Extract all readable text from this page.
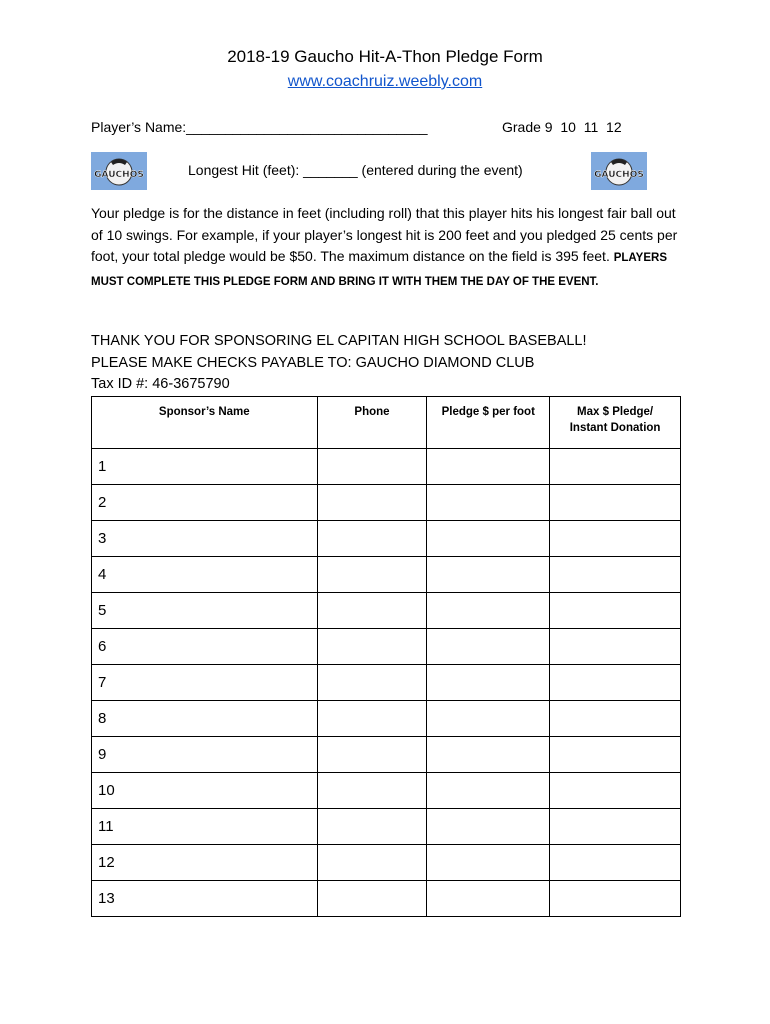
2018-19 Gaucho Hit-A-Thon Pledge Form
www.coachruiz.weebly.com
Player’s Name:_______________________________	Grade 9  10  11  12
GAUCHOS	Longest Hit (feet): _______ (entered during the event)	GAUCHOS
Your pledge is for the distance in feet (including roll) that this player hits his longest fair ball out of 10 swings. For example, if your player’s longest hit is 200 feet and you pledged 25 cents per foot, your total pledge would be $50. The maximum distance on the field is 395 feet. PLAYERS MUST COMPLETE THIS PLEDGE FORM AND BRING IT WITH THEM THE DAY OF THE EVENT.
THANK YOU FOR SPONSORING EL CAPITAN HIGH SCHOOL BASEBALL!
PLEASE MAKE CHECKS PAYABLE TO: GAUCHO DIAMOND CLUB
Tax ID #: 46-3675790
Sponsor’s Name	Phone	Pledge $ per foot	Max $ Pledge/
Instant Donation
1			
2			
3			
4			
5			
6			
7			
8			
9			
10			
11			
12			
13			
